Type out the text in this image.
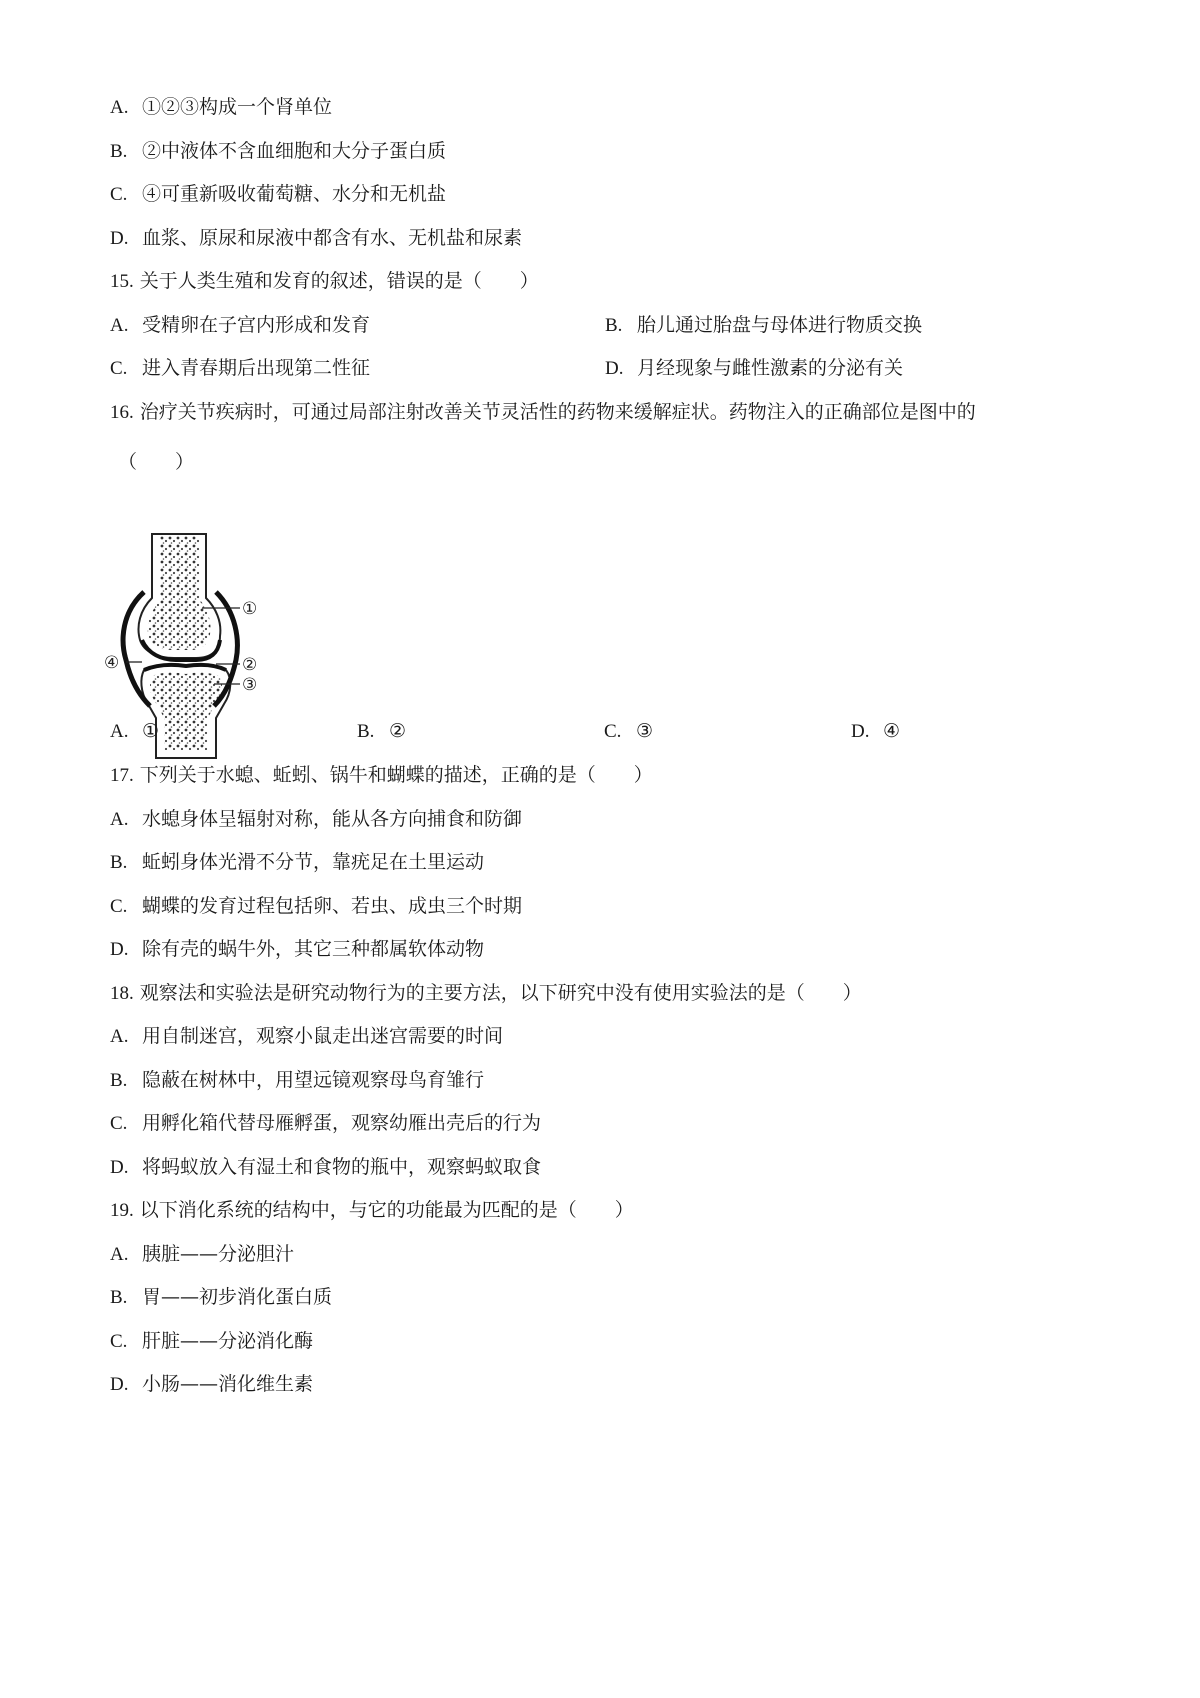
A. ①②③构成一个肾单位
B. ②中液体不含血细胞和大分子蛋白质
C. ④可重新吸收葡萄糖、水分和无机盐
D. 血浆、原尿和尿液中都含有水、无机盐和尿素
15. 关于人类生殖和发育的叙述，错误的是（　　）
A. 受精卵在子宫内形成和发育	B. 胎儿通过胎盘与母体进行物质交换
C. 进入青春期后出现第二性征	D. 月经现象与雌性激素的分泌有关
16. 治疗关节疾病时，可通过局部注射改善关节灵活性的药物来缓解症状。药物注入的正确部位是图中的
（　　）
①
②
③
④
A. ①	B. ②	C. ③	D. ④
17. 下列关于水螅、蚯蚓、锅牛和蝴蝶的描述，正确的是（　　）
A. 水螅身体呈辐射对称，能从各方向捕食和防御
B. 蚯蚓身体光滑不分节，靠疣足在土里运动
C. 蝴蝶的发育过程包括卵、若虫、成虫三个时期
D. 除有壳的蜗牛外，其它三种都属软体动物
18. 观察法和实验法是研究动物行为的主要方法，以下研究中没有使用实验法的是（　　）
A. 用自制迷宫，观察小鼠走出迷宫需要的时间
B. 隐蔽在树林中，用望远镜观察母鸟育雏行
C. 用孵化箱代替母雁孵蛋，观察幼雁出壳后的行为
D. 将蚂蚁放入有湿土和食物的瓶中，观察蚂蚁取食
19. 以下消化系统的结构中，与它的功能最为匹配的是（　　）
A. 胰脏——分泌胆汁
B. 胃——初步消化蛋白质
C. 肝脏——分泌消化酶
D. 小肠——消化维生素
